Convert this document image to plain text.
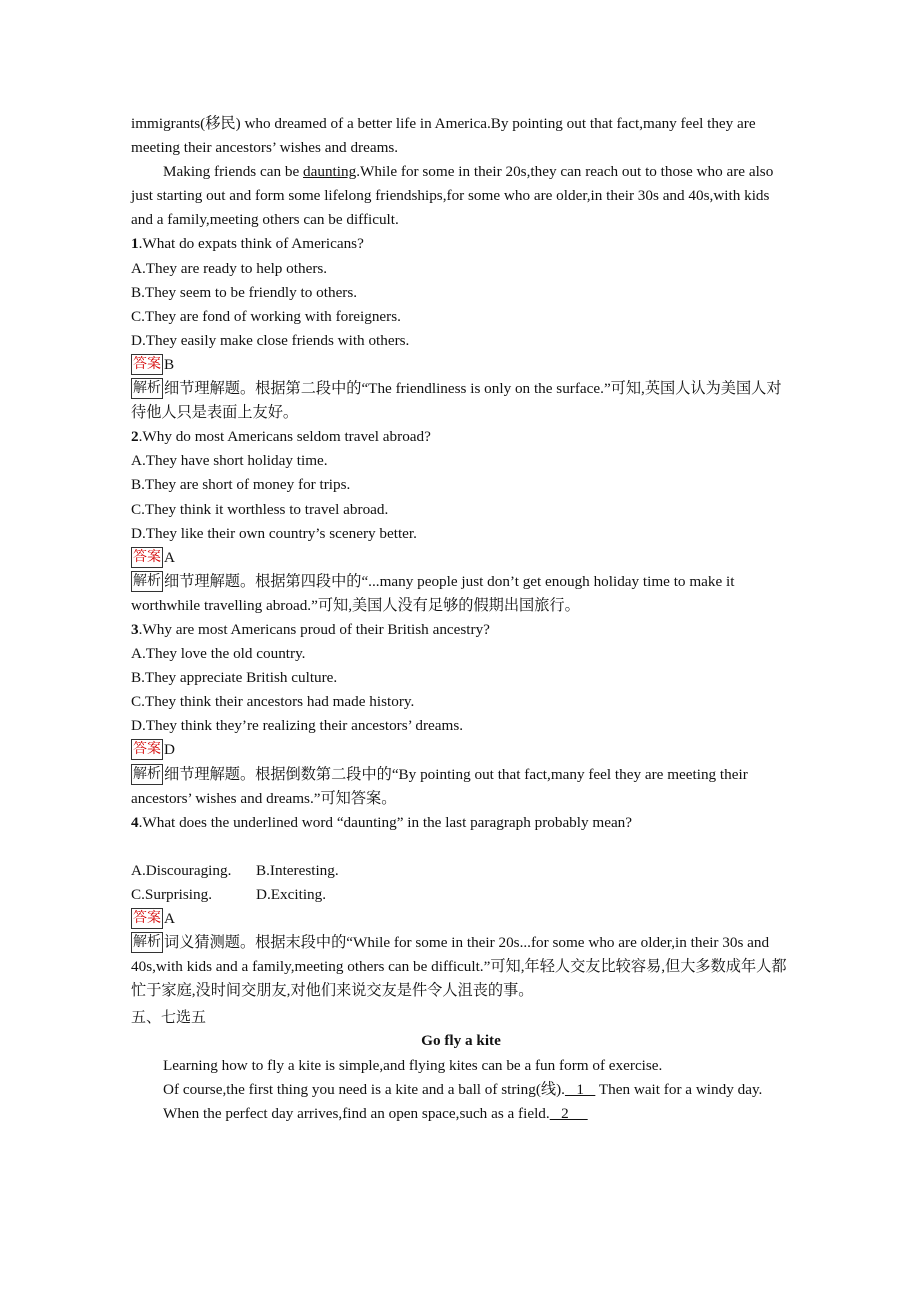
immigrants(移民) who dreamed of a better life in America.By pointing out that fact,many feel they are meeting their ancestors’ wishes and dreams.

Making friends can be daunting.While for some in their 20s,they can reach out to those who are also just starting out and form some lifelong friendships,for some who are older,in their 30s and 40s,with kids and a family,meeting others can be difficult.

1.What do expats think of Americans?

A.They are ready to help others.

B.They seem to be friendly to others.

C.They are fond of working with foreigners.

D.They easily make close friends with others.

答案 B

解析 细节理解题。根据第二段中的“The friendliness is only on the surface.”可知,英国人认为美国人对待他人只是表面上友好。

2.Why do most Americans seldom travel abroad?

A.They have short holiday time.

B.They are short of money for trips.

C.They think it worthless to travel abroad.

D.They like their own country’s scenery better.

答案 A

解析 细节理解题。根据第四段中的“...many people just don’t get enough holiday time to make it worthwhile travelling abroad.”可知,美国人没有足够的假期出国旅行。

3.Why are most Americans proud of their British ancestry?

A.They love the old country.

B.They appreciate British culture.

C.They think their ancestors had made history.

D.They think they’re realizing their ancestors’ dreams.

答案 D

解析 细节理解题。根据倒数第二段中的“By pointing out that fact,many feel they are meeting their ancestors’ wishes and dreams.”可知答案。

4.What does the underlined word “daunting” in the last paragraph probably mean?

A.Discouraging. B.Interesting.

C.Surprising.	D.Exciting.

答案 A

解析 词义猜测题。根据末段中的“While for some in their 20s...for some who are older,in their 30s and 40s,with kids and a family,meeting others can be difficult.”可知,年轻人交友比较容易,但大多数成年人都忙于家庭,没时间交朋友,对他们来说交友是件令人沮丧的事。

五、七选五

Go fly a kite

Learning how to fly a kite is simple,and flying kites can be a fun form of exercise.

Of course,the first thing you need is a kite and a ball of string(线).   1    Then wait for a windy day.

When the perfect day arrives,find an open space,such as a field.   2
